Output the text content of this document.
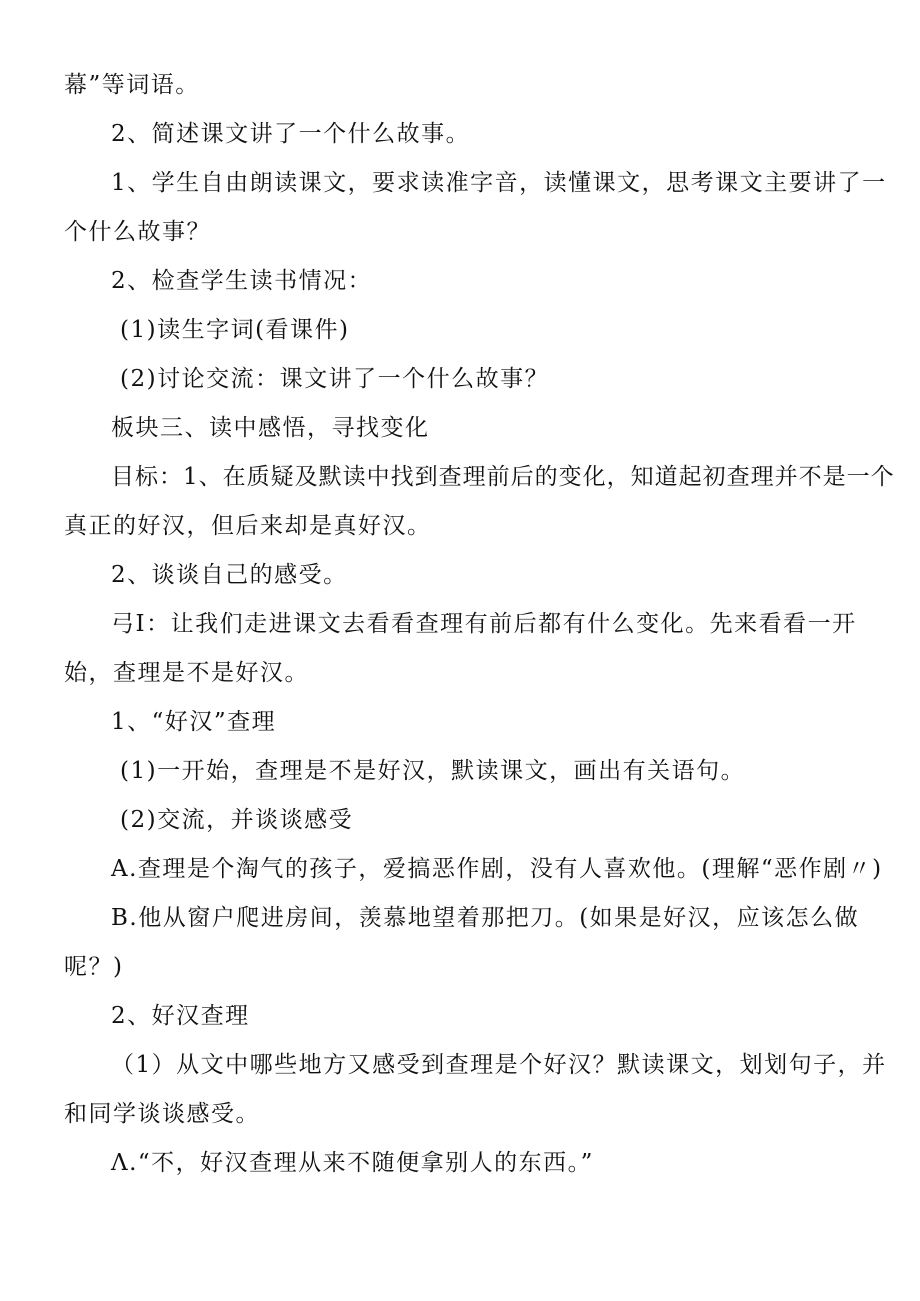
幕”等词语。
2、简述课文讲了一个什么故事。
1、学生自由朗读课文，要求读准字音，读懂课文，思考课文主要讲了一
个什么故事？
2、检查学生读书情况：
(1)读生字词(看课件)
(2)讨论交流：课文讲了一个什么故事？
板块三、读中感悟，寻找变化
目标：1、在质疑及默读中找到查理前后的变化，知道起初查理并不是一个
真正的好汉，但后来却是真好汉。
2、谈谈自己的感受。
弓I：让我们走进课文去看看查理有前后都有什么变化。先来看看一开
始，查理是不是好汉。
1、“好汉”查理
(1)一开始，查理是不是好汉，默读课文，画出有关语句。
(2)交流，并谈谈感受
A.查理是个淘气的孩子，爱搞恶作剧，没有人喜欢他。(理解“恶作剧〃)
B.他从窗户爬进房间，羡慕地望着那把刀。(如果是好汉，应该怎么做
呢？)
2、好汉查理
（1）从文中哪些地方又感受到查理是个好汉？默读课文，划划句子，并
和同学谈谈感受。
Λ.“不，好汉查理从来不随便拿别人的东西。”
